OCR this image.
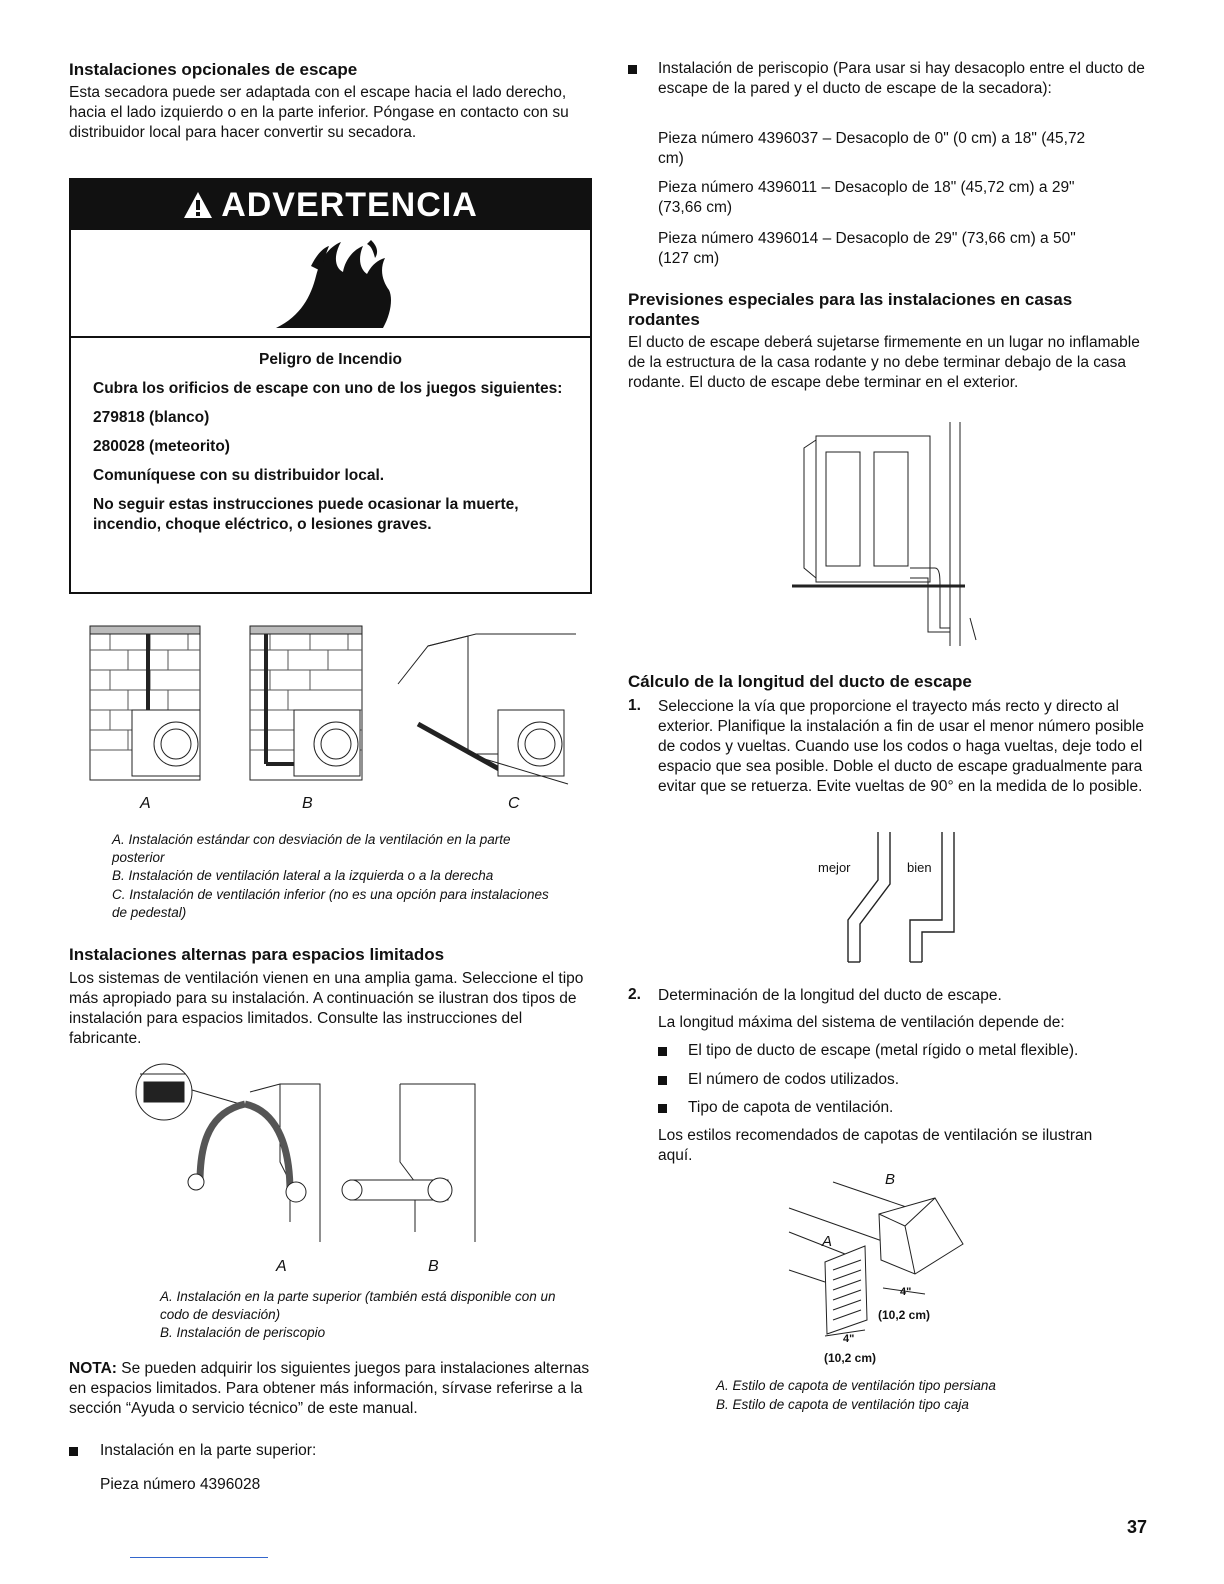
Instalaciones opcionales de escape

Esta secadora puede ser adaptada con el escape hacia el lado derecho, hacia el lado izquierdo o en la parte inferior. Póngase en contacto con su distribuidor local para hacer convertir su secadora.

ADVERTENCIA

Peligro de Incendio

Cubra los orificios de escape con uno de los juegos siguientes:

279818 (blanco)

280028 (meteorito)

Comuníquese con su distribuidor local.

No seguir estas instrucciones puede ocasionar la muerte, incendio, choque eléctrico, o lesiones graves.

A	B	C

A. Instalación estándar con desviación de la ventilación en la parte posterior

B. Instalación de ventilación lateral a la izquierda o a la derecha

C. Instalación de ventilación inferior (no es una opción para instalaciones de pedestal)

Instalaciones alternas para espacios limitados

Los sistemas de ventilación vienen en una amplia gama. Seleccione el tipo más apropiado para su instalación. A continuación se ilustran dos tipos de instalación para espacios limitados. Consulte las instrucciones del fabricante.

A	B

A. Instalación en la parte superior (también está disponible con un codo de desviación)

B. Instalación de periscopio

NOTA: Se pueden adquirir los siguientes juegos para instalaciones alternas en espacios limitados. Para obtener más información, sírvase referirse a la sección “Ayuda o servicio técnico” de este manual.

Instalación en la parte superior:

Pieza número 4396028

Instalación de periscopio (Para usar si hay desacoplo entre el ducto de escape de la pared y el ducto de escape de la secadora):

Pieza número 4396037 – Desacoplo de 0" (0 cm) a 18" (45,72 cm)

Pieza número 4396011 – Desacoplo de 18" (45,72 cm) a 29" (73,66 cm)

Pieza número 4396014 – Desacoplo de 29" (73,66 cm) a 50" (127 cm)

Previsiones especiales para las instalaciones en casas rodantes

El ducto de escape deberá sujetarse firmemente en un lugar no inflamable de la estructura de la casa rodante y no debe terminar debajo de la casa rodante. El ducto de escape debe terminar en el exterior.

Cálculo de la longitud del ducto de escape
1. Seleccione la vía que proporcione el trayecto más recto y directo al exterior. Planifique la instalación a fin de usar el menor número posible de codos y vueltas. Cuando use los codos o haga vueltas, deje todo el espacio que sea posible. Doble el ducto de escape gradualmente para evitar que se retuerza. Evite vueltas de 90° en la medida de lo posible.

mejor	bien
2. Determinación de la longitud del ducto de escape.

La longitud máxima del sistema de ventilación depende de:

El tipo de ducto de escape (metal rígido o metal flexible).

El número de codos utilizados.

Tipo de capota de ventilación.

Los estilos recomendados de capotas de ventilación se ilustran aquí.

B
A
4"
(10,2 cm)
4"
(10,2 cm)

A. Estilo de capota de ventilación tipo persiana

B. Estilo de capota de ventilación tipo caja

37
